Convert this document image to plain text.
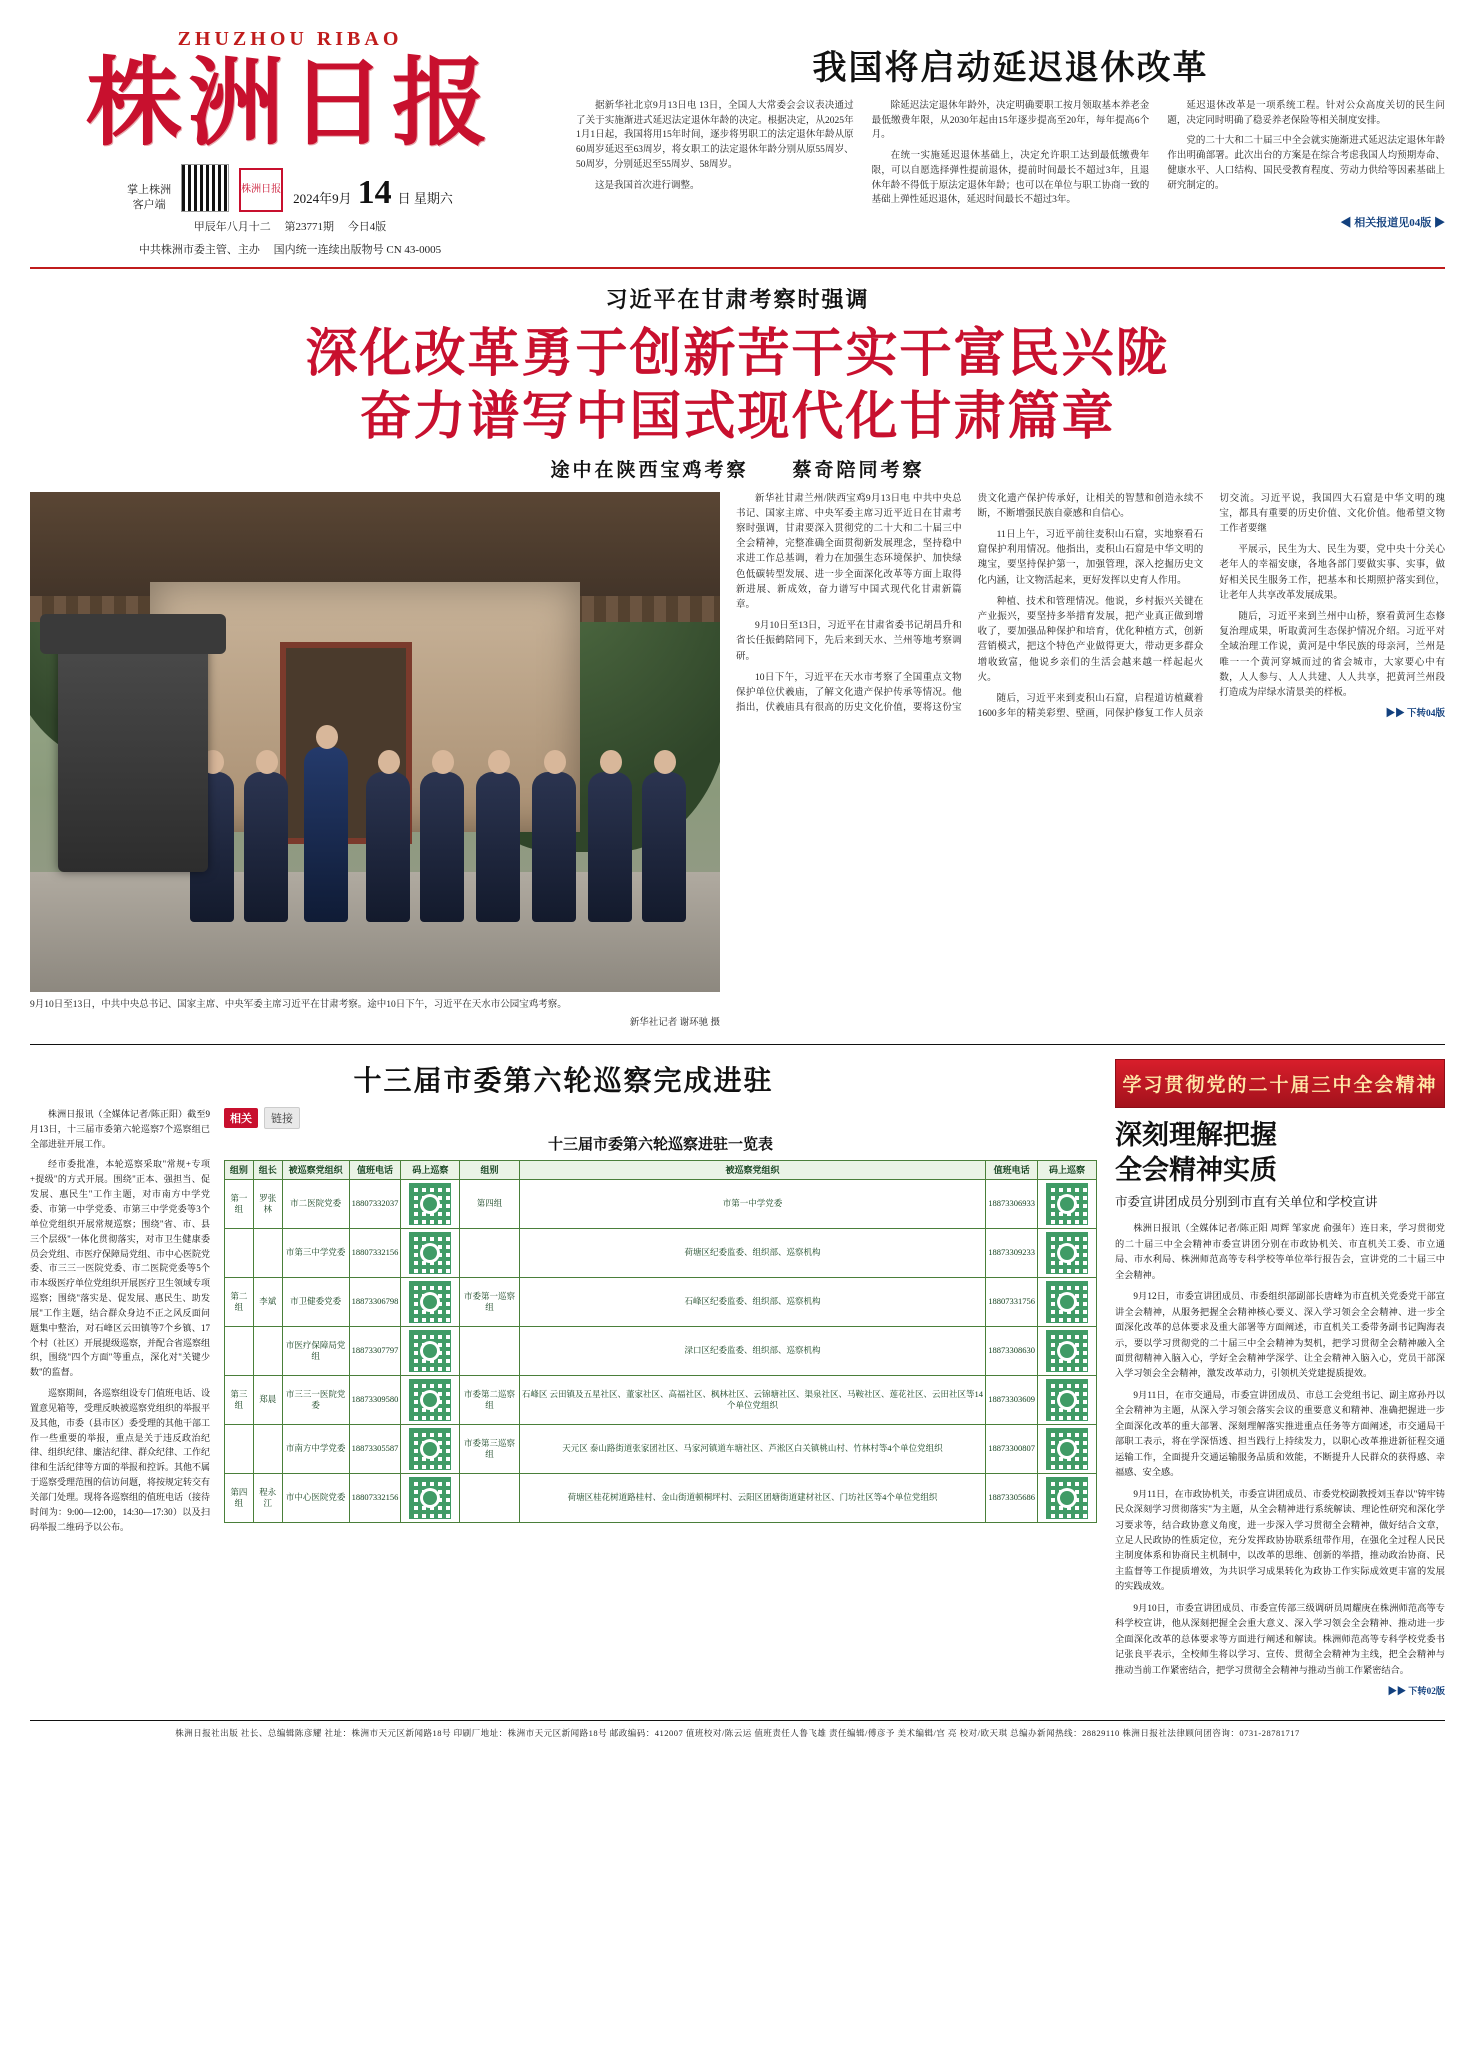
ZHUZHOU RIBAO
株洲日报
掌上株洲
客户端
株洲日报
2024年9月 14 日 星期六
甲辰年八月十二　 第23771期　 今日4版
中共株洲市委主管、主办　 国内统一连续出版物号 CN 43-0005
我国将启动延迟退休改革

据新华社北京9月13日电 13日，全国人大常委会会议表决通过了关于实施渐进式延迟法定退休年龄的决定。根据决定，从2025年1月1日起，我国将用15年时间，逐步将男职工的法定退休年龄从原60周岁延迟至63周岁，将女职工的法定退休年龄分别从原55周岁、50周岁，分别延迟至55周岁、58周岁。

这是我国首次进行调整。

除延迟法定退休年龄外，决定明确要职工按月领取基本养老金最低缴费年限，从2030年起由15年逐步提高至20年，每年提高6个月。

在统一实施延迟退休基础上，决定允许职工达到最低缴费年限，可以自愿选择弹性提前退休，提前时间最长不超过3年，且退休年龄不得低于原法定退休年龄；也可以在单位与职工协商一致的基础上弹性延迟退休，延迟时间最长不超过3年。

延迟退休改革是一项系统工程。针对公众高度关切的民生问题，决定同时明确了稳妥养老保险等相关制度安排。

党的二十大和二十届三中全会就实施渐进式延迟法定退休年龄作出明确部署。此次出台的方案是在综合考虑我国人均预期寿命、健康水平、人口结构、国民受教育程度、劳动力供给等因素基础上研究制定的。

◀ 相关报道见04版 ▶
习近平在甘肃考察时强调
深化改革勇于创新苦干实干富民兴陇
奋力谱写中国式现代化甘肃篇章
途中在陕西宝鸡考察　　蔡奇陪同考察
9月10日至13日，中共中央总书记、国家主席、中央军委主席习近平在甘肃考察。途中10日下午，习近平在天水市公园宝鸡考察。
新华社记者 谢环驰 摄

新华社甘肃兰州/陕西宝鸡9月13日电 中共中央总书记、国家主席、中央军委主席习近平近日在甘肃考察时强调，甘肃要深入贯彻党的二十大和二十届三中全会精神，完整准确全面贯彻新发展理念，坚持稳中求进工作总基调，着力在加强生态环境保护、加快绿色低碳转型发展、进一步全面深化改革等方面上取得新进展、新成效，奋力谱写中国式现代化甘肃新篇章。

9月10日至13日，习近平在甘肃省委书记胡昌升和省长任振鹤陪同下，先后来到天水、兰州等地考察调研。

10日下午，习近平在天水市考察了全国重点文物保护单位伏羲庙，了解文化遗产保护传承等情况。他指出，伏羲庙具有很高的历史文化价值，要将这份宝贵文化遗产保护传承好，让相关的智慧和创造永续不断，不断增强民族自豪感和自信心。

11日上午，习近平前往麦积山石窟，实地察看石窟保护利用情况。他指出，麦积山石窟是中华文明的瑰宝，要坚持保护第一，加强管理，深入挖掘历史文化内涵，让文物活起来，更好发挥以史育人作用。

种植、技术和管理情况。他说，乡村振兴关键在产业振兴，要坚持多举措育发展，把产业真正做到增收了，要加强品种保护和培育，优化种植方式，创新营销模式，把这个特色产业做得更大，带动更多群众增收致富，他说乡亲们的生活会越来越一样起起火火。

随后，习近平来到麦积山石窟，启程道访植藏着1600多年的精美彩塑、壁画，同保护修复工作人员亲切交流。习近平说，我国四大石窟是中华文明的瑰宝，都具有重要的历史价值、文化价值。他希望文物工作者要继

平展示，民生为大、民生为要，党中央十分关心老年人的幸福安康，各地各部门要做实事、实事，做好相关民生服务工作，把基本和长期照护落实到位，让老年人共享改革发展成果。

随后，习近平来到兰州中山桥，察看黄河生态修复治理成果，听取黄河生态保护情况介绍。习近平对全域治理工作说，黄河是中华民族的母亲河，兰州是唯一一个黄河穿城而过的省会城市，大家要心中有数，人人参与、人人共建、人人共享，把黄河兰州段打造成为岸绿水清景美的样板。

▶▶ 下转04版

十三届市委第六轮巡察完成进驻

株洲日报讯（全媒体记者/陈正阳）截至9月13日，十三届市委第六轮巡察7个巡察组已全部进驻开展工作。

经市委批准，本轮巡察采取"常规+专项+提级"的方式开展。围绕"正本、强担当、促发展、惠民生"工作主题，对市南方中学党委、市第一中学党委、市第三中学党委等3个单位党组织开展常规巡察；围绕"省、市、县三个层级"一体化贯彻落实，对市卫生健康委员会党组、市医疗保障局党组、市中心医院党委、市三三一医院党委、市二医院党委等5个市本级医疗单位党组织开展医疗卫生领域专项巡察；围绕"落实是、促发展、惠民生、助发展"工作主题，结合群众身边不正之风反面问题集中整治，对石峰区云田镇等7个乡镇、17个村（社区）开展提级巡察，并配合省巡察组织，围绕"四个方面"等重点，深化对"关键少数"的监督。

巡察期间，各巡察组设专门值班电话、设置意见箱等，受理反映被巡察党组织的举报平及其他，市委（县市区）委受理的其他干部工作一些重要的举报，重点是关于违反政治纪律、组织纪律、廉洁纪律、群众纪律、工作纪律和生活纪律等方面的举报和控诉。其他不属于巡察受理范围的信访问题，将按规定转交有关部门处理。现将各巡察组的值班电话（接待时间为：9:00—12:00，14:30—17:30）以及扫码举报二维码予以公布。

相关	链接
十三届市委第六轮巡察进驻一览表
组别	组长	被巡察党组织	值班电话	码上巡察	组别	被巡察党组织	值班电话	码上巡察
第一组	罗张林	市二医院党委	18807332037		第四组	市第一中学党委	18873306933	

		市第三中学党委	18807332156			荷塘区纪委监委、组织部、巡察机构	18873309233	

第二组	李斌	市卫健委党委	18873306798		市委第一巡察组	石峰区纪委监委、组织部、巡察机构	18807331756	

		市医疗保障局党组	18873307797			渌口区纪委监委、组织部、巡察机构	18873308630	

第三组	郑晨	市三三一医院党委	18873309580		市委第二巡察组	石峰区 云田镇及五星社区、董家社区、高福社区、枫林社区、云锦塘社区、渠泉社区、马鞍社区、莲花社区、云田社区等14个单位党组织	18873303609	

		市南方中学党委	18873305587		市委第三巡察组	天元区 泰山路街道张家团社区、马家河镇道车塘社区、芦淞区白关镇桃山村、竹林村等4个单位党组织	18873300807	

第四组	程永江	市中心医院党委	18807332156			荷塘区桂花树道路桂村、金山街道顿桐坪村、云阳区团塘街道建材社区、门坊社区等4个单位党组织	18873305686	
学习贯彻党的二十届三中全会精神
深刻理解把握
全会精神实质
市委宣讲团成员分别到市直有关单位和学校宣讲

株洲日报讯（全媒体记者/陈正阳 周辉 邹家虎 俞强年）连日来，学习贯彻党的二十届三中全会精神市委宣讲团分别在市政协机关、市直机关工委、市立通局、市水利局、株洲师范高等专科学校等单位举行报告会，宣讲党的二十届三中全会精神。

9月12日，市委宣讲团成员、市委组织部副部长唐峰为市直机关党委党干部宣讲全会精神，从服务把握全会精神核心要义、深入学习领会全会精神、进一步全面深化改革的总体要求及重大部署等方面阐述，市直机关工委带务副书记陶海表示，要以学习贯彻党的二十届三中全会精神为契机，把学习贯彻全会精神融入全面贯彻精神入脑入心，学好全会精神学深学、让全会精神入脑入心，党员干部深入学习领会全会精神，激发改革动力，引领机关党建提质提效。

9月11日，在市交通局，市委宣讲团成员、市总工会党组书记、副主席孙丹以全会精神为主题，从深入学习领会落实会议的重要意义和精神、准确把握进一步全面深化改革的重大部署、深刻理解落实推进重点任务等方面阐述，市交通局干部职工表示，将在学深悟透、担当践行上持续发力，以职心改革推进新征程交通运输工作，全面提升交通运输服务品质和效能，不断提升人民群众的获得感、幸福感、安全感。

9月11日，在市政协机关，市委宣讲团成员、市委党校副教授刘玉春以"铸牢铸民众深刻学习贯彻落实"为主题，从全会精神进行系统解读、理论性研究和深化学习要求等，结合政协意义角度，进一步深入学习贯彻全会精神，做好结合文章，立足人民政协的性质定位，充分发挥政协协联系纽带作用，在强化全过程人民民主制度体系和协商民主机制中，以改革的思维、创新的举措，推动政治协商、民主监督等工作提质增效，为共识学习成果转化为政协工作实际成效更丰富的发展的实践成效。

9月10日，市委宣讲团成员、市委宣传部三级调研员周耀庚在株洲师范高等专科学校宣讲，他从深刻把握全会重大意义、深入学习领会全会精神、推动进一步全面深化改革的总体要求等方面进行阐述和解读。株洲师范高等专科学校党委书记张良平表示，全校师生将以学习、宣传、贯彻全会精神为主线，把全会精神与推动当前工作紧密结合，把学习贯彻全会精神与推动当前工作紧密结合。

▶▶ 下转02版

株洲日报社出版 社长、总编辑陈彦耀 社址：株洲市天元区新闻路18号 印刷厂地址：株洲市天元区新闻路18号 邮政编码：412007 值班校对/陈云运 值班责任人鲁飞雄 责任编辑/傅彦予 美术编辑/宫 亮 校对/欧天琪 总编办新闻热线：28829110 株洲日报社法律顾问团咨询：0731-28781717
